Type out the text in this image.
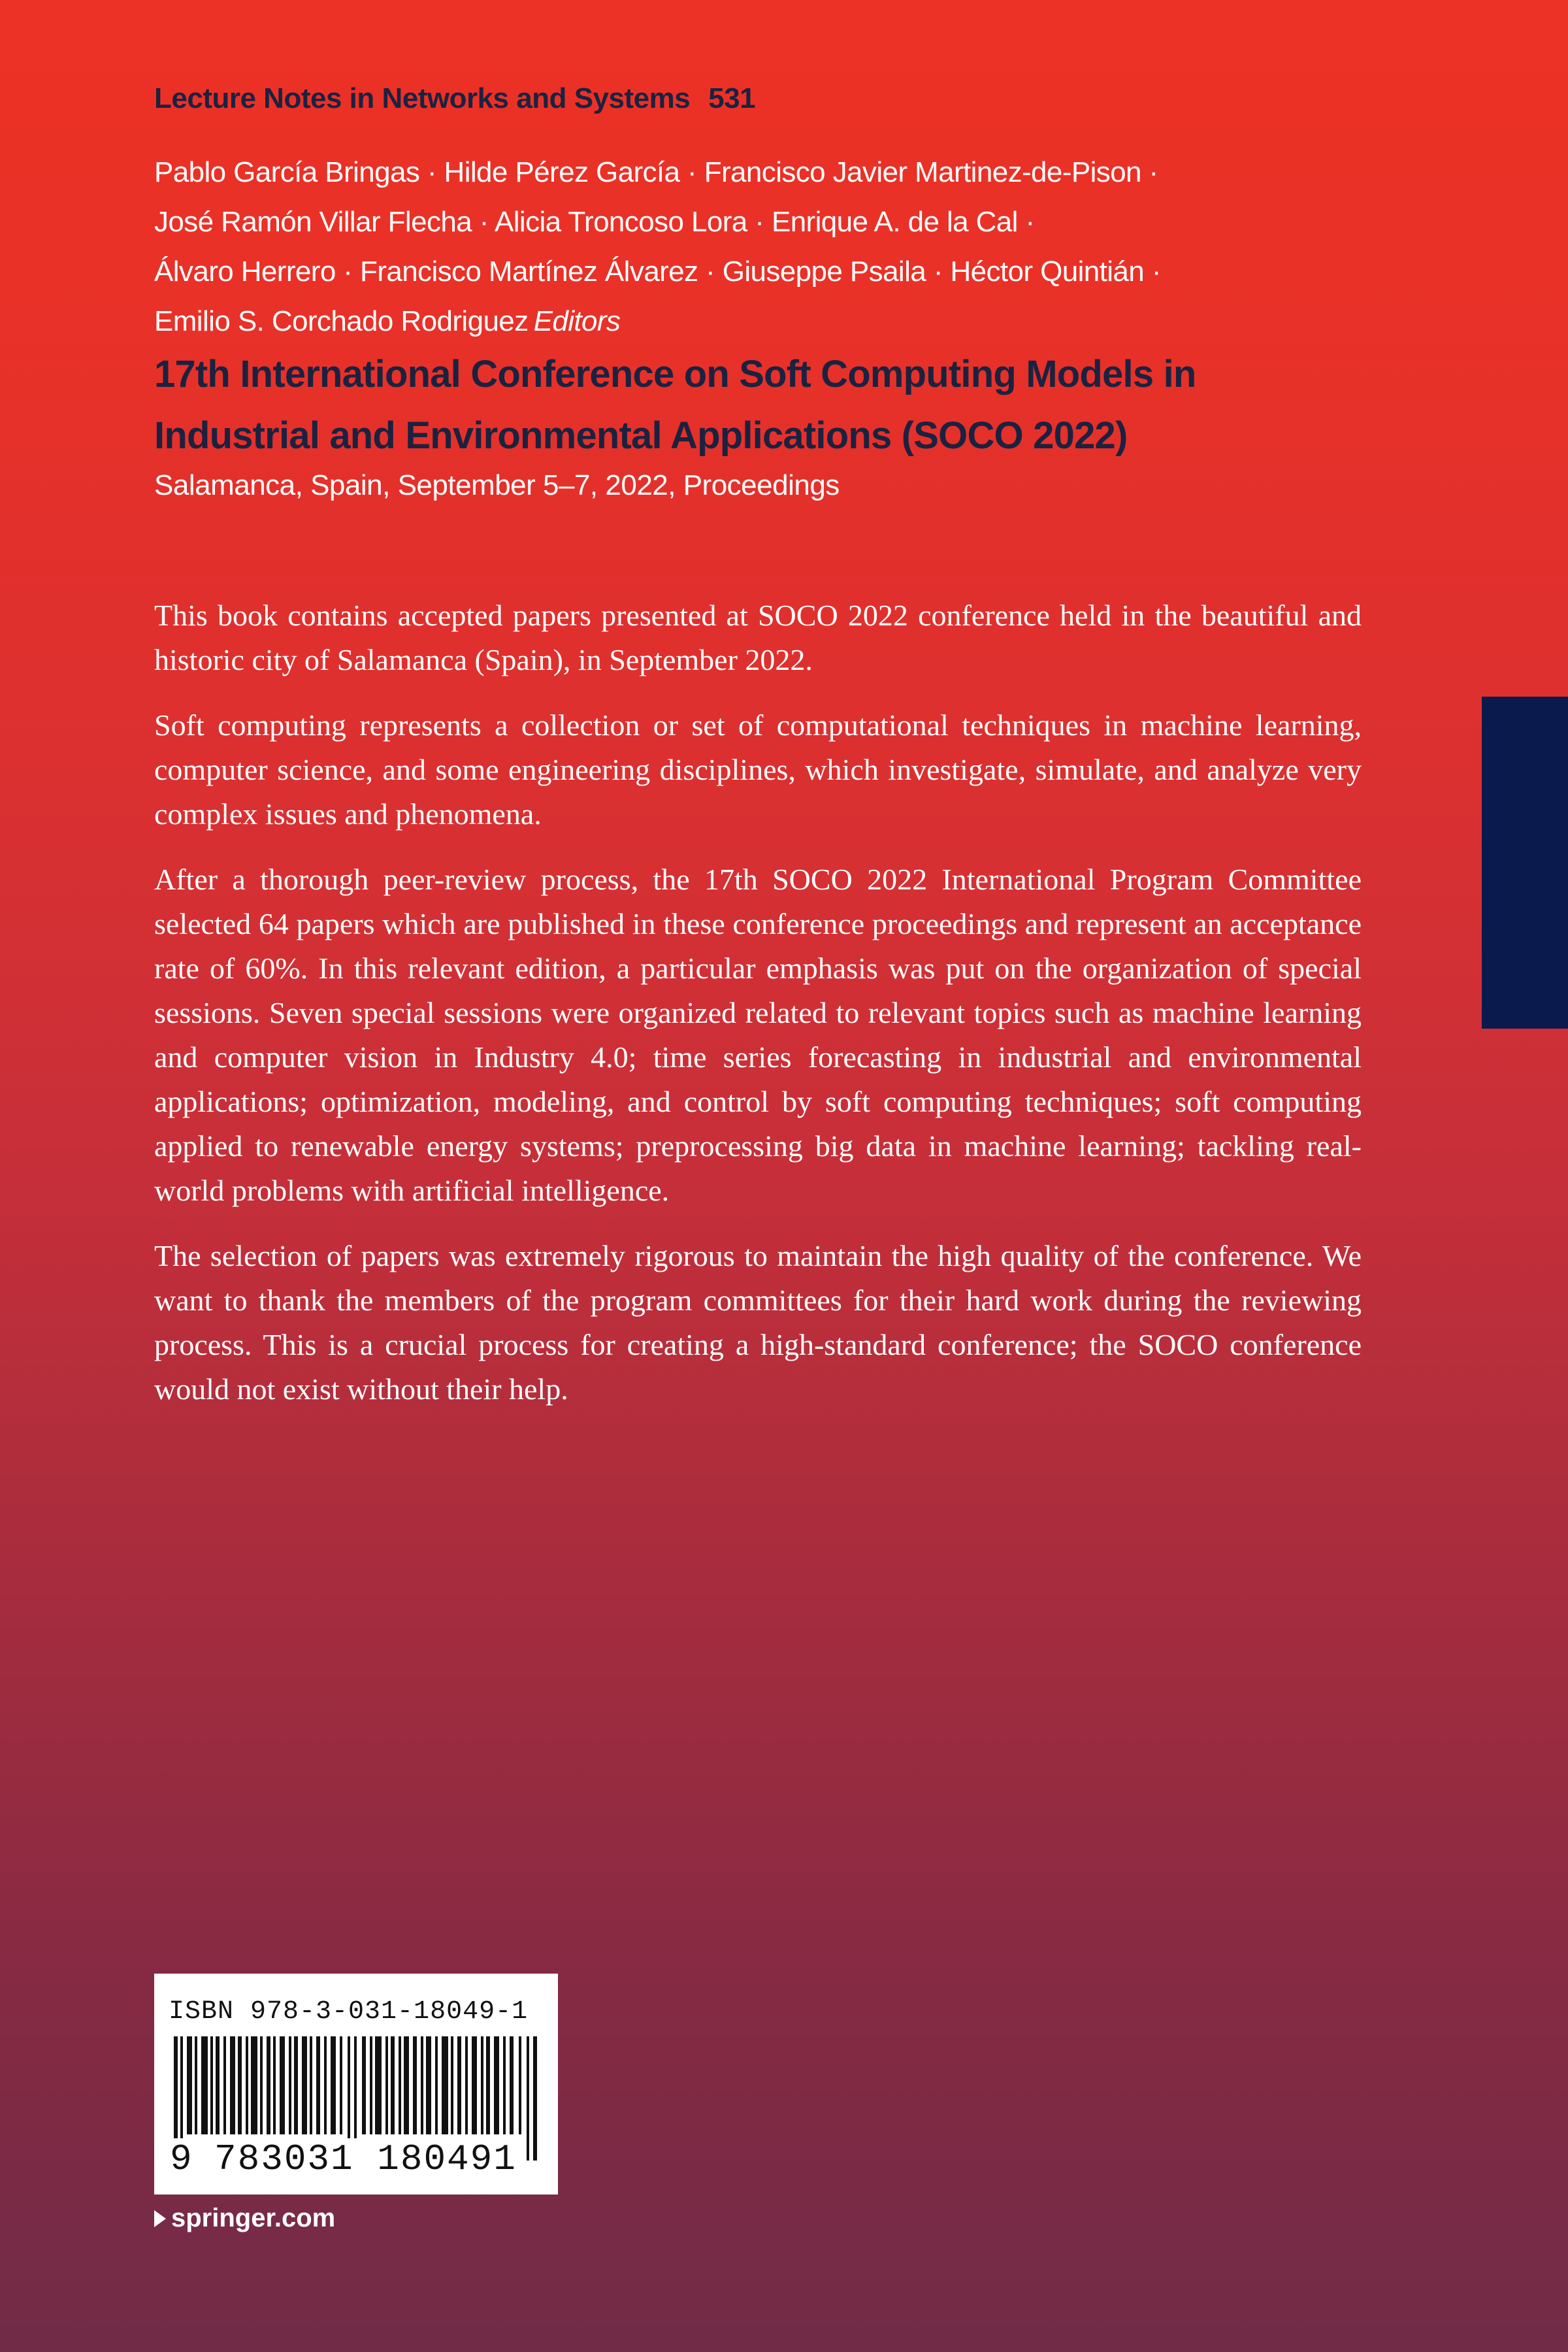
Lecture Notes in Networks and Systems 531
Pablo García Bringas · Hilde Pérez García · Francisco Javier Martinez-de-Pison ·
José Ramón Villar Flecha · Alicia Troncoso Lora · Enrique A. de la Cal ·
Álvaro Herrero · Francisco Martínez Álvarez · Giuseppe Psaila · Héctor Quintián ·
Emilio S. Corchado Rodriguez Editors
17th International Conference on Soft Computing Models in
Industrial and Environmental Applications (SOCO 2022)
Salamanca, Spain, September 5–7, 2022, Proceedings

This book contains accepted papers presented at SOCO 2022 conference held in the beautiful and historic city of Salamanca (Spain), in September 2022.

Soft computing represents a collection or set of computational techniques in machine learning, computer science, and some engineering disciplines, which investigate, simulate, and analyze very complex issues and phenomena.

After a thorough peer-review process, the 17th SOCO 2022 International Program Committee selected 64 papers which are published in these conference proceedings and represent an acceptance rate of 60%. In this relevant edition, a particular emphasis was put on the organization of special sessions. Seven special sessions were organized related to relevant topics such as machine learning and computer vision in Industry 4.0; time series forecasting in industrial and environmental applications; optimization, modeling, and control by soft computing techniques; soft computing applied to renewable energy systems; preprocessing big data in machine learning; tackling real-world problems with artificial intelligence.

The selection of papers was extremely rigorous to maintain the high quality of the conference. We want to thank the members of the program committees for their hard work during the reviewing process. This is a crucial process for creating a high-standard conference; the SOCO conference would not exist without their help.

ISBN 978-3-031-18049-1
9 783031 180491
springer.com
